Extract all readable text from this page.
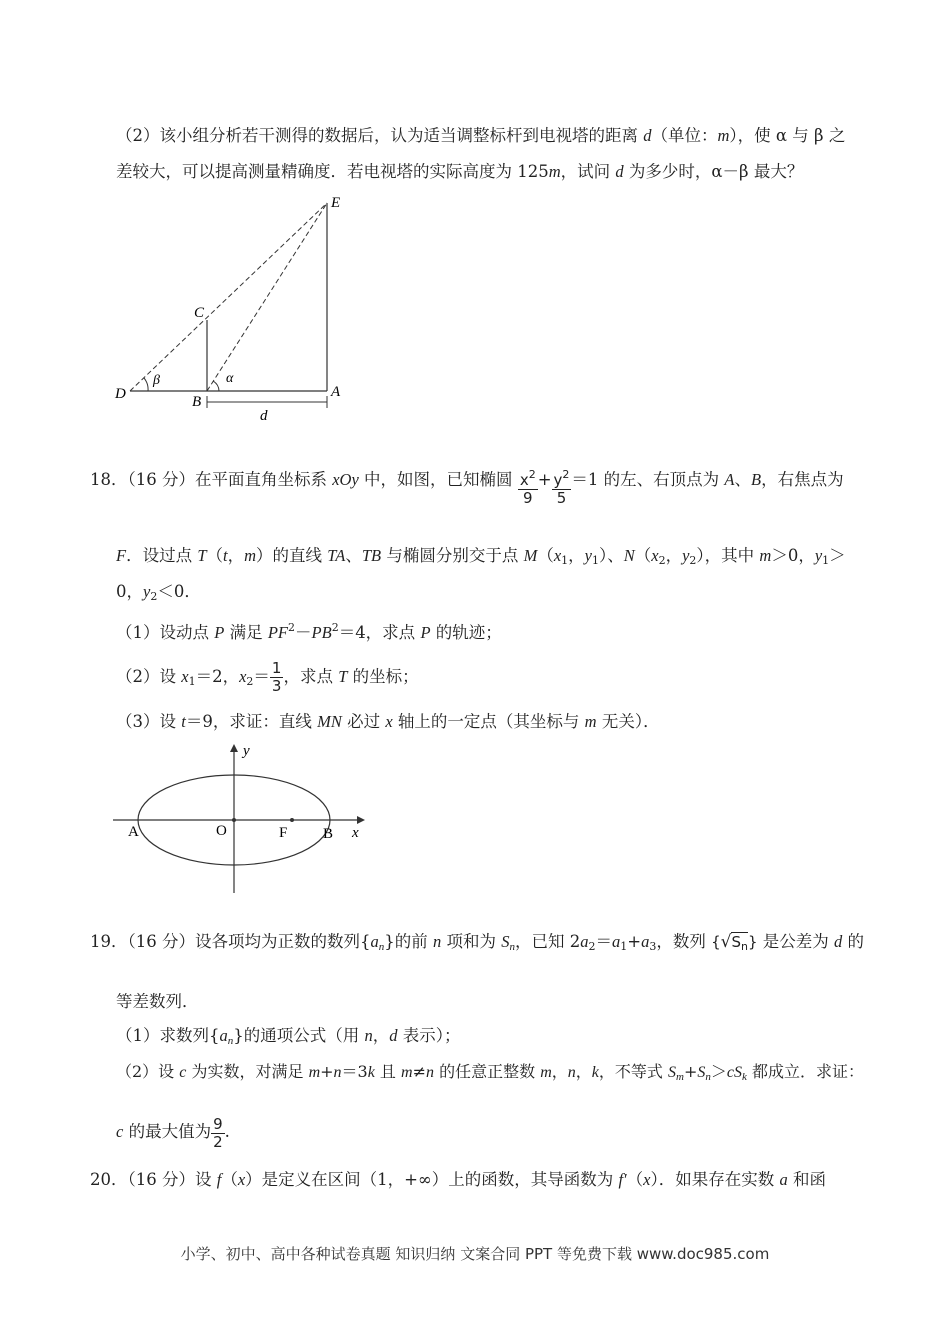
（2）该小组分析若干测得的数据后，认为适当调整标杆到电视塔的距离 d（单位：m），使 α 与 β 之
差较大，可以提高测量精确度．若电视塔的实际高度为 125m，试问 d 为多少时，α－β 最大？
E
C
D	B
A
α
β
d
18．（16 分）在平面直角坐标系 xOy 中，如图，已知椭圆 $\frac{x^2}{9} + \frac{y^2}{5} =1$ 的左、右顶点为 A、B，右焦点为
F．设过点 T（t，m）的直线 TA、TB 与椭圆分别交于点 $M(x_1$，$y_1$）、$N(x_2$，$y_2$），其中 m＞0，$y_1>$
0，$y_2<0$．
（1）设动点 P 满足 $PF^2-PB^2=4$，求点 P 的轨迹；
（2）设 $x_1=2$，$x_2= \frac{1}{3}$ ，求点 T 的坐标；
（3）设 t＝9，求证：直线 MN 必过 x 轴上的一定点（其坐标与 m 无关）．
y
x
A	O	F B
19．（16 分）设各项均为正数的数列$\{a_n\}$的前 n 项和为 $S_n$，已知 $2a_2=a_1+a_3$，数列 $\{√S_n\}$ 是公差为 d 的
等差数列．
（1）求数列$\{a_n\}$的通项公式（用 n，d 表示）；
（2）设 c 为实数，对满足 m+n＝3k 且 m≠n 的任意正整数 m，n，k，不等式 $S_m+S_n>cS_k$ 都成立．求证：
c 的最大值为 $\frac{9}{2}$ .
20．（16 分）设 f（x）是定义在区间（1，+∞）上的函数，其导函数为 f′（x）．如果存在实数 a 和函
小学、初中、高中各种试卷真题 知识归纳 文案合同 PPT 等免费下载 www.doc985.com
